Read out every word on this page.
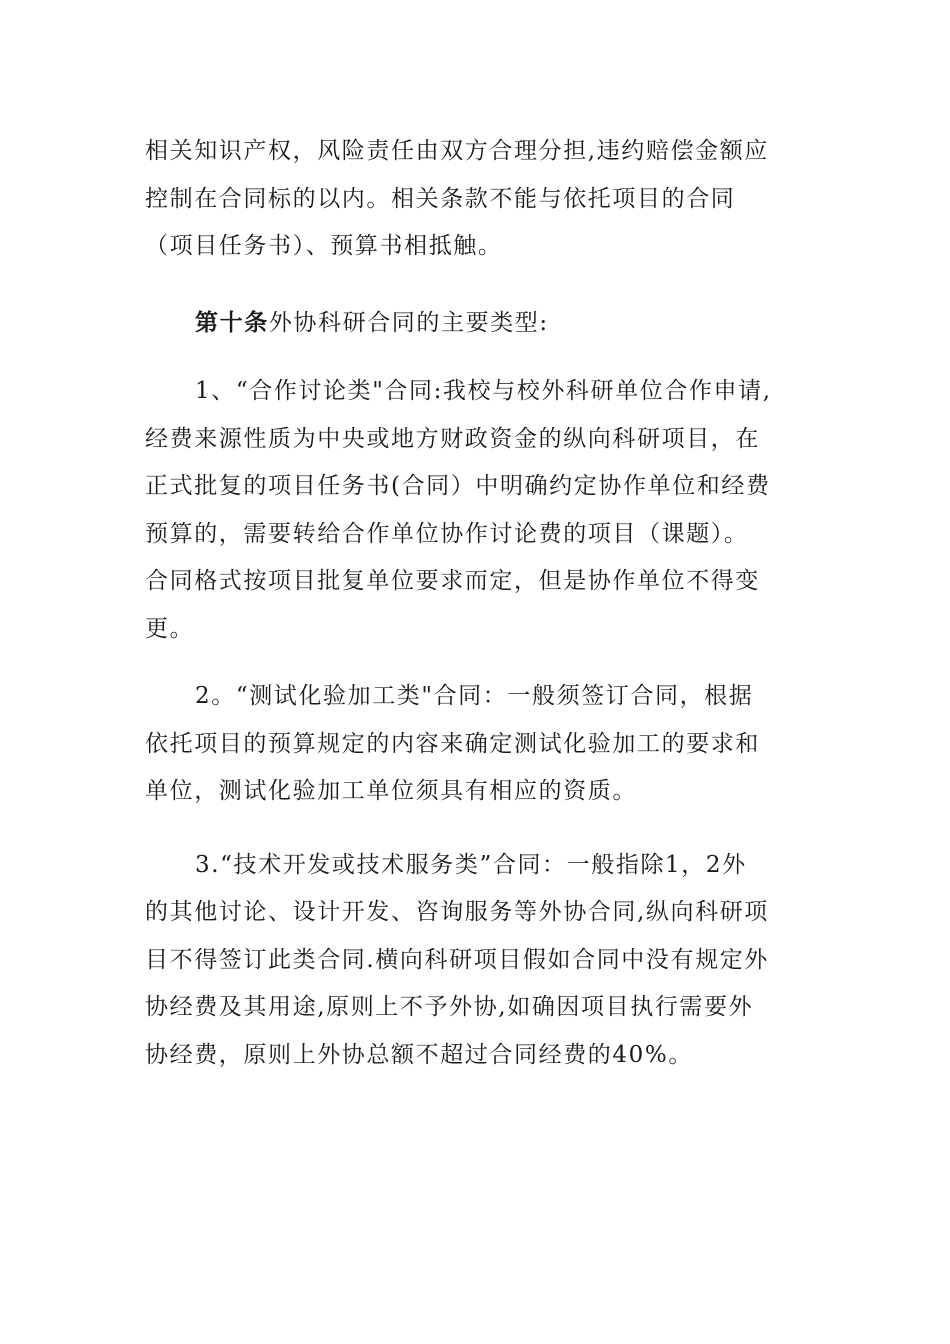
相关知识产权，风险责任由双方合理分担,违约赔偿金额应
控制在合同标的以内。相关条款不能与依托项目的合同
（项目任务书）、预算书相抵触。
第十条外协科研合同的主要类型:
1、“合作讨论类"合同:我校与校外科研单位合作申请,
经费来源性质为中央或地方财政资金的纵向科研项目，在
正式批复的项目任务书(合同）中明确约定协作单位和经费
预算的，需要转给合作单位协作讨论费的项目（课题）。
合同格式按项目批复单位要求而定，但是协作单位不得变
更。
2。“测试化验加工类"合同：一般须签订合同，根据
依托项目的预算规定的内容来确定测试化验加工的要求和
单位，测试化验加工单位须具有相应的资质。
3.“技术开发或技术服务类”合同：一般指除1，2外
的其他讨论、设计开发、咨询服务等外协合同,纵向科研项
目不得签订此类合同.横向科研项目假如合同中没有规定外
协经费及其用途,原则上不予外协,如确因项目执行需要外
协经费，原则上外协总额不超过合同经费的40%。
